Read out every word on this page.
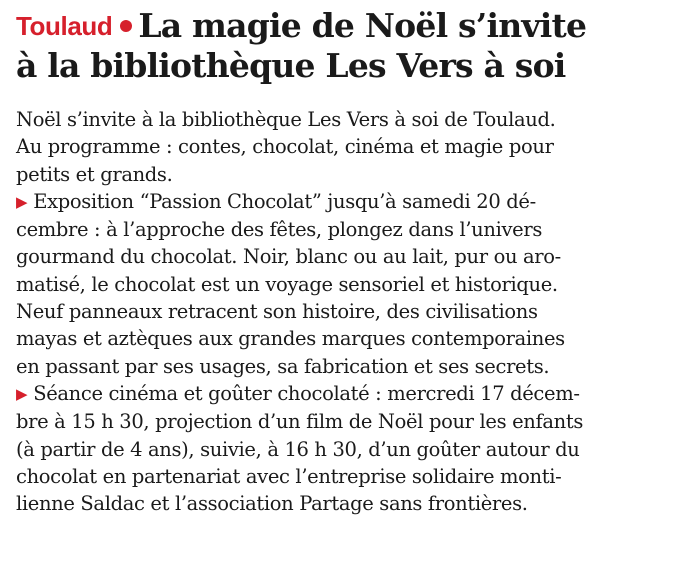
Toulaud La magie de Noël s’invite
à la bibliothèque Les Vers à soi
Noël s’invite à la bibliothèque Les Vers à soi de Toulaud.
Au programme : contes, chocolat, cinéma et magie pour
petits et grands.
▶ Exposition “Passion Chocolat” jusqu’à samedi 20 dé-
cembre : à l’approche des fêtes, plongez dans l’univers
gourmand du chocolat. Noir, blanc ou au lait, pur ou aro-
matisé, le chocolat est un voyage sensoriel et historique.
Neuf panneaux retracent son histoire, des civilisations
mayas et aztèques aux grandes marques contemporaines
en passant par ses usages, sa fabrication et ses secrets.
▶ Séance cinéma et goûter chocolaté : mercredi 17 décem-
bre à 15 h 30, projection d’un film de Noël pour les enfants
(à partir de 4 ans), suivie, à 16 h 30, d’un goûter autour du
chocolat en partenariat avec l’entreprise solidaire monti-
lienne Saldac et l’association Partage sans frontières.
